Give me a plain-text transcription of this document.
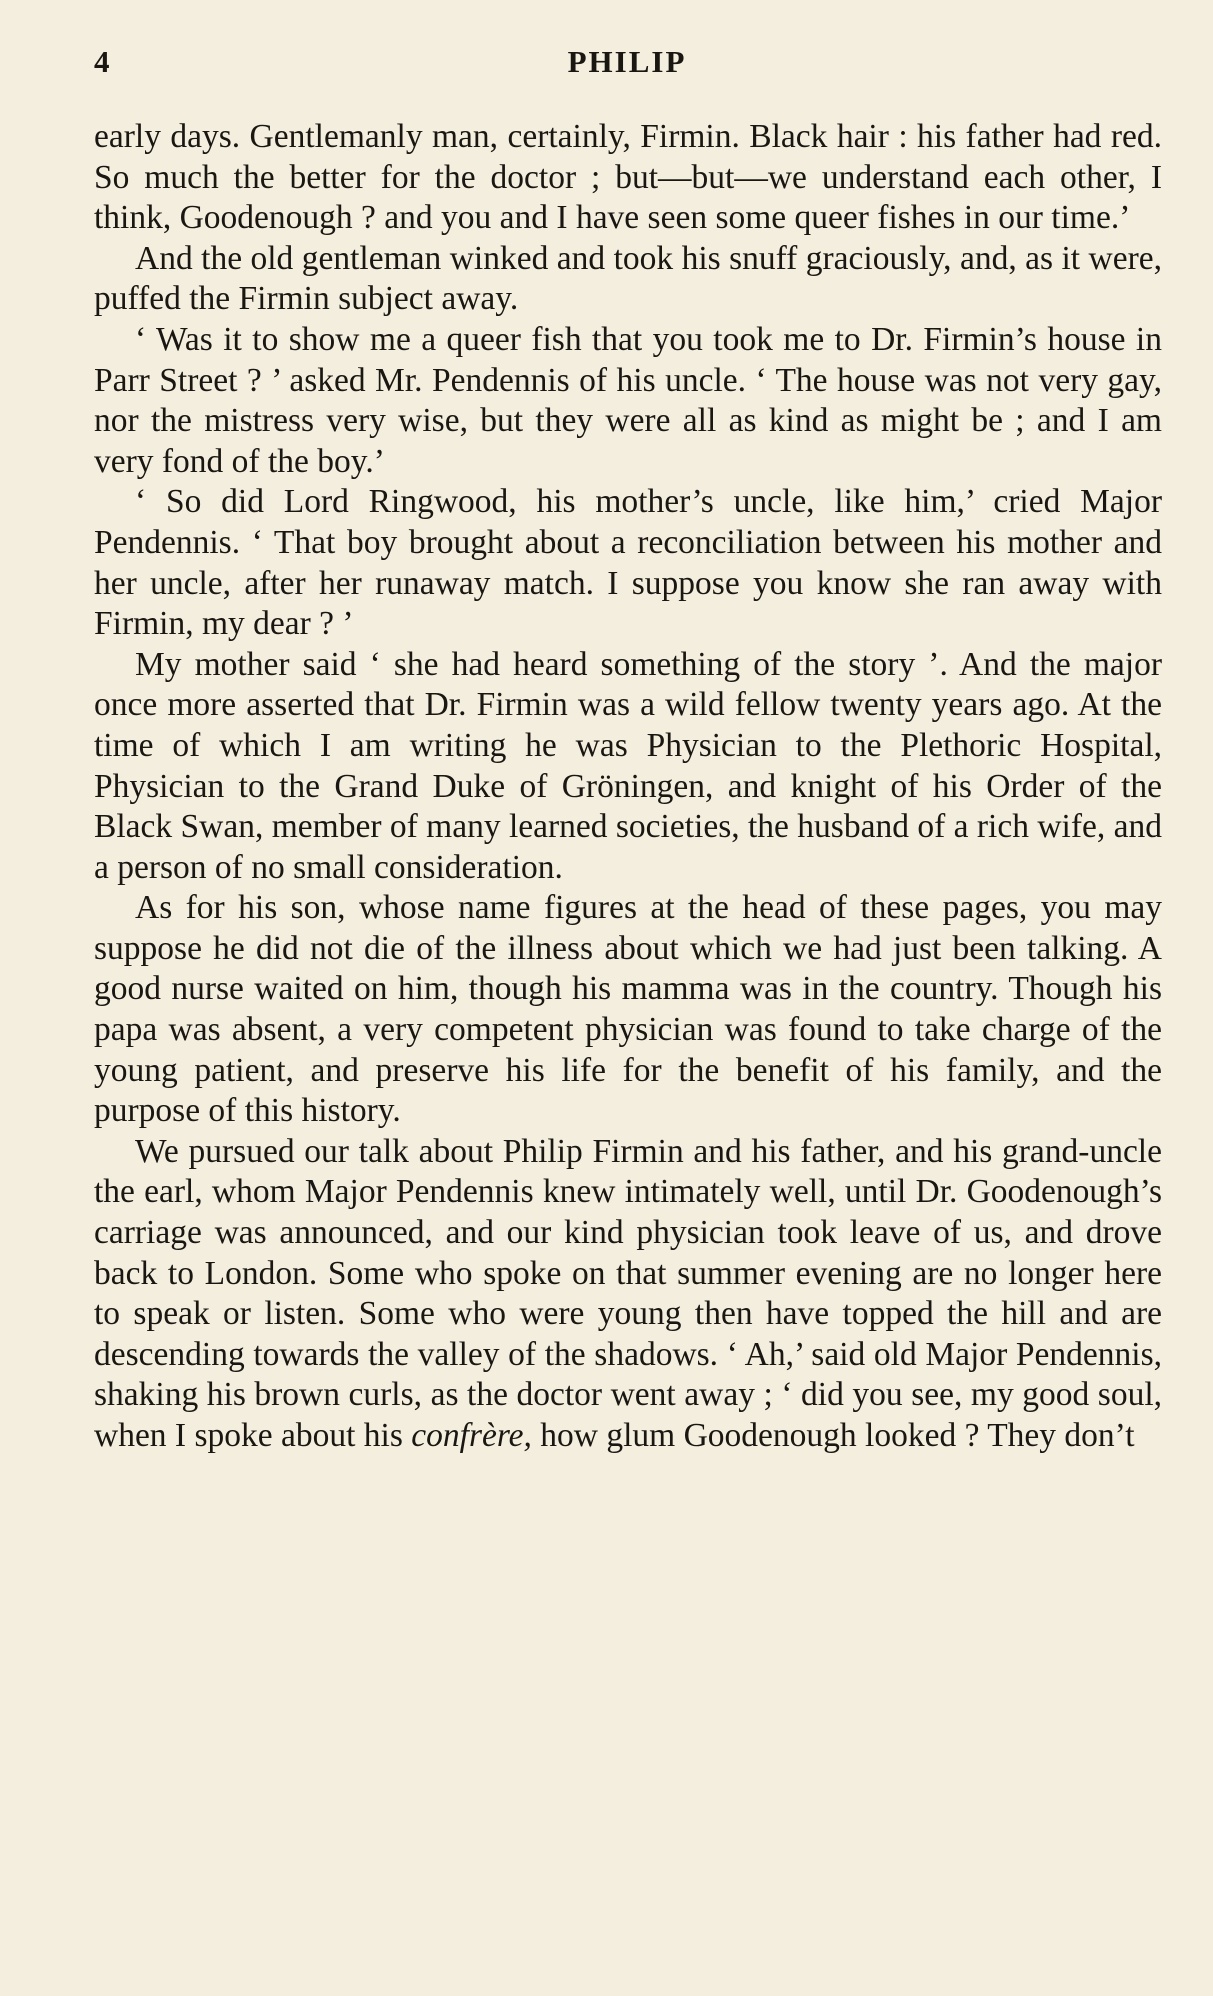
4	PHILIP

early days. Gentlemanly man, certainly, Firmin. Black hair : his father had red. So much the better for the doctor ; but—but—we understand each other, I think, Goodenough ? and you and I have seen some queer fishes in our time.’

And the old gentleman winked and took his snuff graciously, and, as it were, puffed the Firmin subject away.

‘ Was it to show me a queer fish that you took me to Dr. Firmin’s house in Parr Street ? ’ asked Mr. Pendennis of his uncle. ‘ The house was not very gay, nor the mistress very wise, but they were all as kind as might be ; and I am very fond of the boy.’

‘ So did Lord Ringwood, his mother’s uncle, like him,’ cried Major Pendennis. ‘ That boy brought about a reconciliation between his mother and her uncle, after her runaway match. I suppose you know she ran away with Firmin, my dear ? ’

My mother said ‘ she had heard something of the story ’. And the major once more asserted that Dr. Firmin was a wild fellow twenty years ago. At the time of which I am writing he was Physician to the Plethoric Hospital, Physician to the Grand Duke of Gröningen, and knight of his Order of the Black Swan, member of many learned societies, the husband of a rich wife, and a person of no small consideration.

As for his son, whose name figures at the head of these pages, you may suppose he did not die of the illness about which we had just been talking. A good nurse waited on him, though his mamma was in the country. Though his papa was absent, a very competent physician was found to take charge of the young patient, and preserve his life for the benefit of his family, and the purpose of this history.

We pursued our talk about Philip Firmin and his father, and his grand-uncle the earl, whom Major Pendennis knew intimately well, until Dr. Goodenough’s carriage was announced, and our kind physician took leave of us, and drove back to London. Some who spoke on that summer evening are no longer here to speak or listen. Some who were young then have topped the hill and are descending towards the valley of the shadows. ‘ Ah,’ said old Major Pendennis, shaking his brown curls, as the doctor went away ; ‘ did you see, my good soul, when I spoke about his confrère, how glum Goodenough looked ? They don’t
